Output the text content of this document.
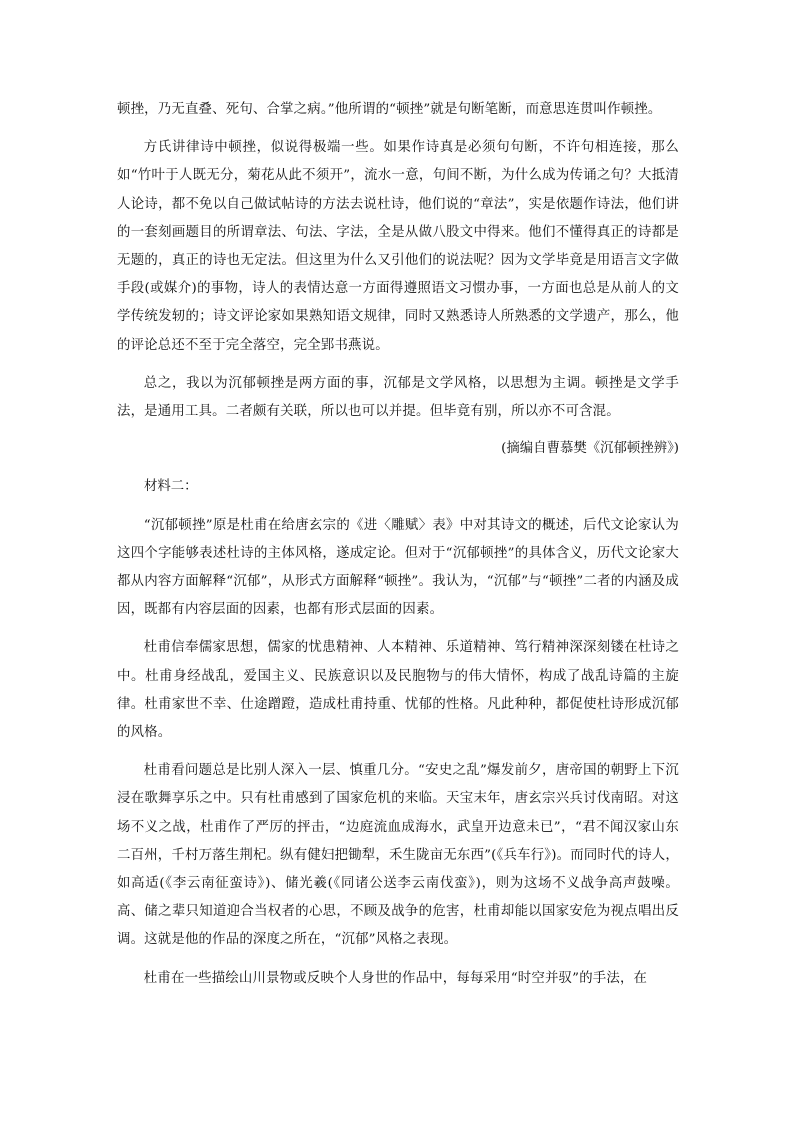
顿挫，乃无直叠、死句、合掌之病。”他所谓的“顿挫”就是句断笔断，而意思连贯叫作顿挫。

方氏讲律诗中顿挫，似说得极端一些。如果作诗真是必须句句断，不许句相连接，那么如“竹叶于人既无分，菊花从此不须开”，流水一意，句间不断，为什么成为传诵之句？大抵清人论诗，都不免以自己做试帖诗的方法去说杜诗，他们说的“章法”，实是依题作诗法，他们讲的一套刻画题目的所谓章法、句法、字法，全是从做八股文中得来。他们不懂得真正的诗都是无题的，真正的诗也无定法。但这里为什么又引他们的说法呢？因为文学毕竟是用语言文字做手段(或媒介)的事物，诗人的表情达意一方面得遵照语文习惯办事，一方面也总是从前人的文学传统发轫的；诗文评论家如果熟知语文规律，同时又熟悉诗人所熟悉的文学遗产，那么，他的评论总还不至于完全落空，完全郢书燕说。

总之，我以为沉郁顿挫是两方面的事，沉郁是文学风格，以思想为主调。顿挫是文学手法，是通用工具。二者颇有关联，所以也可以并提。但毕竟有别，所以亦不可含混。

(摘编自曹慕樊《沉郁顿挫辨》)

材料二：

“沉郁顿挫”原是杜甫在给唐玄宗的《进〈雕赋〉表》中对其诗文的概述，后代文论家认为这四个字能够表述杜诗的主体风格，遂成定论。但对于“沉郁顿挫”的具体含义，历代文论家大都从内容方面解释“沉郁”，从形式方面解释“顿挫”。我认为，“沉郁”与“顿挫”二者的内涵及成因，既都有内容层面的因素，也都有形式层面的因素。

杜甫信奉儒家思想，儒家的忧患精神、人本精神、乐道精神、笃行精神深深刻镂在杜诗之中。杜甫身经战乱，爱国主义、民族意识以及民胞物与的伟大情怀，构成了战乱诗篇的主旋律。杜甫家世不幸、仕途蹭蹬，造成杜甫持重、忧郁的性格。凡此种种，都促使杜诗形成沉郁的风格。

杜甫看问题总是比别人深入一层、慎重几分。“安史之乱”爆发前夕，唐帝国的朝野上下沉浸在歌舞享乐之中。只有杜甫感到了国家危机的来临。天宝末年，唐玄宗兴兵讨伐南昭。对这场不义之战，杜甫作了严厉的抨击，“边庭流血成海水，武皇开边意未已”，“君不闻汉家山东二百州，千村万落生荆杞。纵有健妇把锄犁，禾生陇亩无东西”(《兵车行》)。而同时代的诗人，如高适(《李云南征蛮诗》)、储光羲(《同诸公送李云南伐蛮》)，则为这场不义战争高声鼓噪。高、储之辈只知道迎合当权者的心思，不顾及战争的危害，杜甫却能以国家安危为视点唱出反调。这就是他的作品的深度之所在，“沉郁”风格之表现。

杜甫在一些描绘山川景物或反映个人身世的作品中，每每采用“时空并驭”的手法，在
